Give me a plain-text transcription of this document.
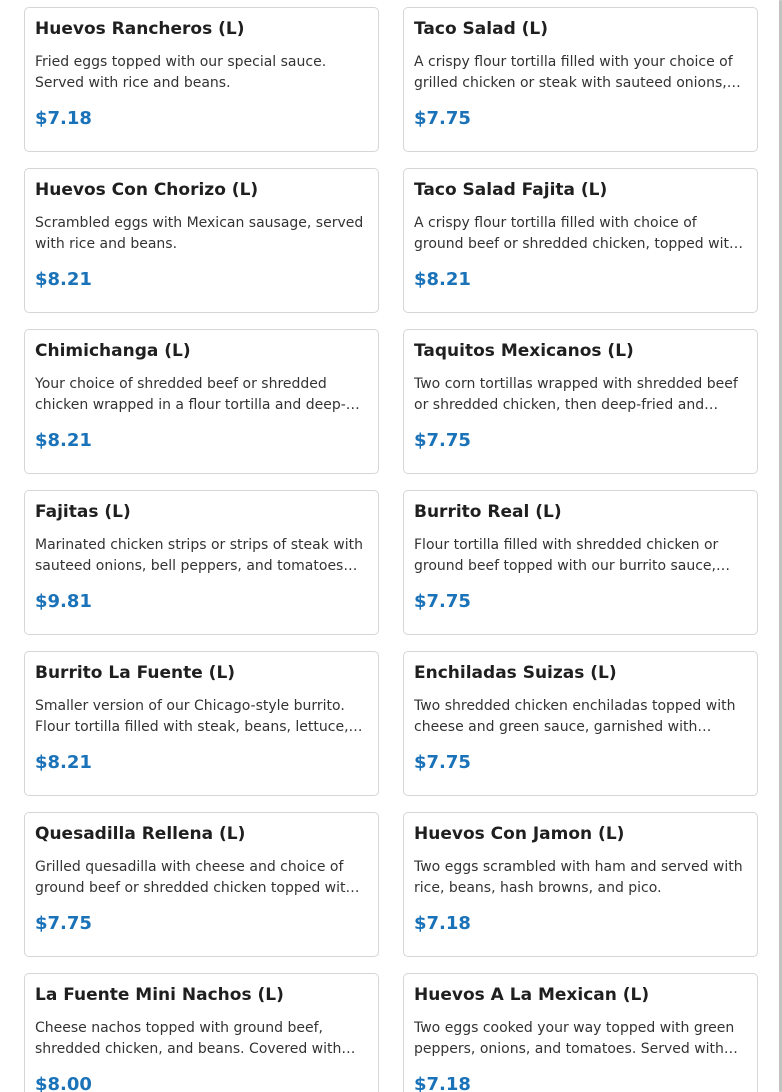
Huevos Rancheros (L)
Fried eggs topped with our special sauce. Served with rice and beans.
$7.18
Taco Salad (L)
A crispy flour tortilla filled with your choice of grilled chicken or steak with sauteed onions,…
$7.75
Huevos Con Chorizo (L)
Scrambled eggs with Mexican sausage, served with rice and beans.
$8.21
Taco Salad Fajita (L)
A crispy flour tortilla filled with choice of ground beef or shredded chicken, topped wit…
$8.21
Chimichanga (L)
Your choice of shredded beef or shredded chicken wrapped in a flour tortilla and deep-…
$8.21
Taquitos Mexicanos (L)
Two corn tortillas wrapped with shredded beef or shredded chicken, then deep-fried and…
$7.75
Fajitas (L)
Marinated chicken strips or strips of steak with sauteed onions, bell peppers, and tomatoes…
$9.81
Burrito Real (L)
Flour tortilla filled with shredded chicken or ground beef topped with our burrito sauce,…
$7.75
Burrito La Fuente (L)
Smaller version of our Chicago-style burrito. Flour tortilla filled with steak, beans, lettuce,…
$8.21
Enchiladas Suizas (L)
Two shredded chicken enchiladas topped with cheese and green sauce, garnished with…
$7.75
Quesadilla Rellena (L)
Grilled quesadilla with cheese and choice of ground beef or shredded chicken topped wit…
$7.75
Huevos Con Jamon (L)
Two eggs scrambled with ham and served with rice, beans, hash browns, and pico.
$7.18
La Fuente Mini Nachos (L)
Cheese nachos topped with ground beef, shredded chicken, and beans. Covered with…
$8.00
Huevos A La Mexican (L)
Two eggs cooked your way topped with green peppers, onions, and tomatoes. Served with…
$7.18
